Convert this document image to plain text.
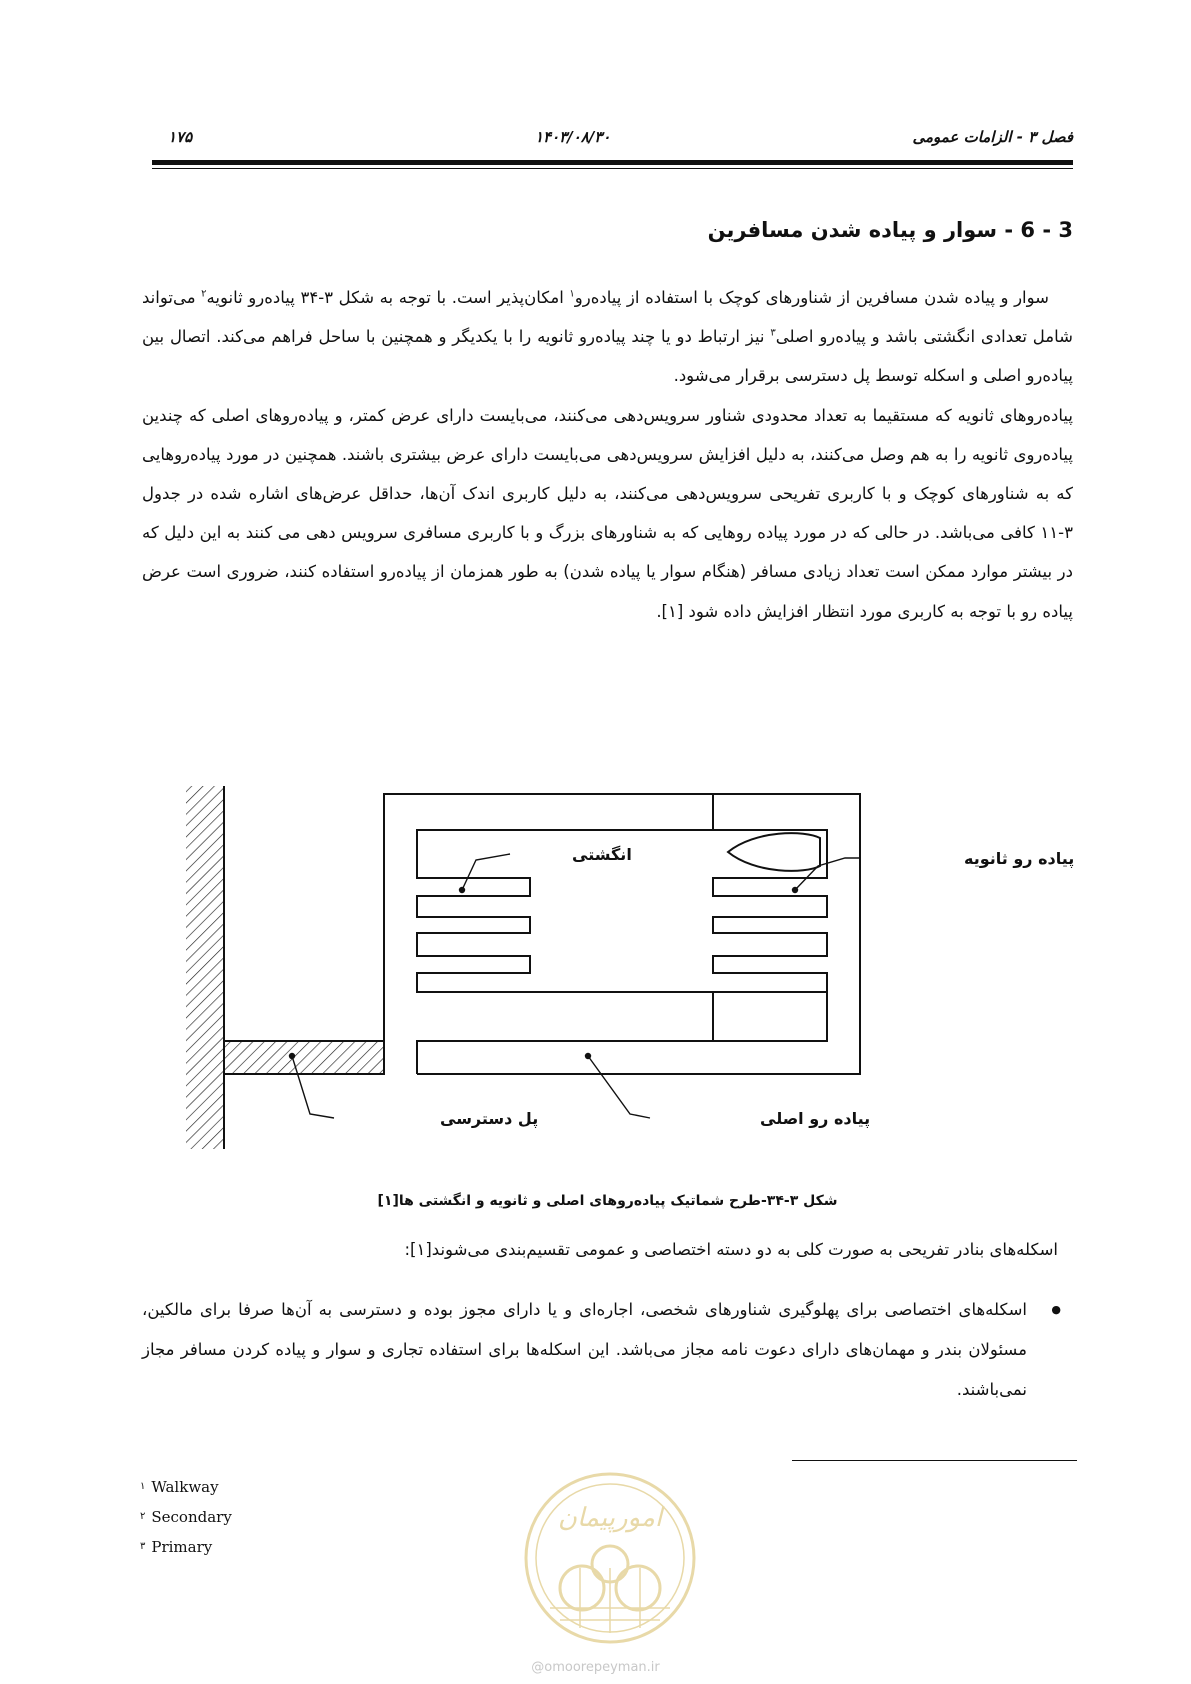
۱۷۵	۱۴۰۳/۰۸/۳۰	فصل ۳ - الزامات عمومی
3 - 6 - سوار و پیاده شدن مسافرین

سوار و پیاده شدن مسافرین از شناورهای کوچک با استفاده از پیاده‌رو$^۱$ امکان‌پذیر است. با توجه به شکل ۳-۳۴ پیاده‌رو ثانویه$^۲$ می‌تواند شامل تعدادی انگشتی باشد و پیاده‌رو اصلی$^۳$ نیز ارتباط دو یا چند پیاده‌رو ثانویه را با یکدیگر و همچنین با ساحل فراهم می‌کند. اتصال بین پیاده‌رو اصلی و اسکله توسط پل دسترسی برقرار می‌شود.

پیاده‌روهای ثانویه که مستقیما به تعداد محدودی شناور سرویس‌دهی می‌کنند، می‌بایست دارای عرض کمتر، و پیاده‌روهای اصلی که چندین پیاده‌روی ثانویه را به هم وصل می‌کنند، به دلیل افزایش سرویس‌دهی می‌بایست دارای عرض بیشتری باشند. همچنین در مورد پیاده‌روهایی که به شناورهای کوچک و با کاربری تفریحی سرویس‌دهی می‌کنند، به دلیل کاربری اندک آن‌ها، حداقل عرض‌های اشاره شده در جدول ۳-۱۱ کافی می‌باشد. در حالی که در مورد پیاده روهایی که به شناورهای بزرگ و با کاربری مسافری سرویس دهی می کنند به این دلیل که در بیشتر موارد ممکن است تعداد زیادی مسافر (هنگام سوار یا پیاده شدن) به طور همزمان از پیاده‌رو استفاده کنند، ضروری است عرض پیاده رو با توجه به کاربری مورد انتظار افزایش داده شود [۱].

انگشتی	پیاده رو ثانویه
پیاده رو اصلی
پل دسترسی
شکل ۳-۳۴-طرح شماتیک پیاده‌روهای اصلی و ثانویه و انگشتی ها[۱]
اسکله‌های بنادر تفریحی به صورت کلی به دو دسته اختصاصی و عمومی تقسیم‌بندی می‌شوند[۱]:
● اسکله‌های اختصاصی برای پهلوگیری شناورهای شخصی، اجاره‌ای و یا دارای مجوز بوده و دسترسی به آن‌ها صرفا برای مالکین، مسئولان بندر و مهمان‌های دارای دعوت نامه مجاز می‌باشد. این اسکله‌ها برای استفاده تجاری و سوار و پیاده کردن مسافر مجاز نمی‌باشند.
$^۱$ Walkway
$^۲$ Secondary
$^۳$ Primary
امورپیمان
@omoorepeyman.ir
